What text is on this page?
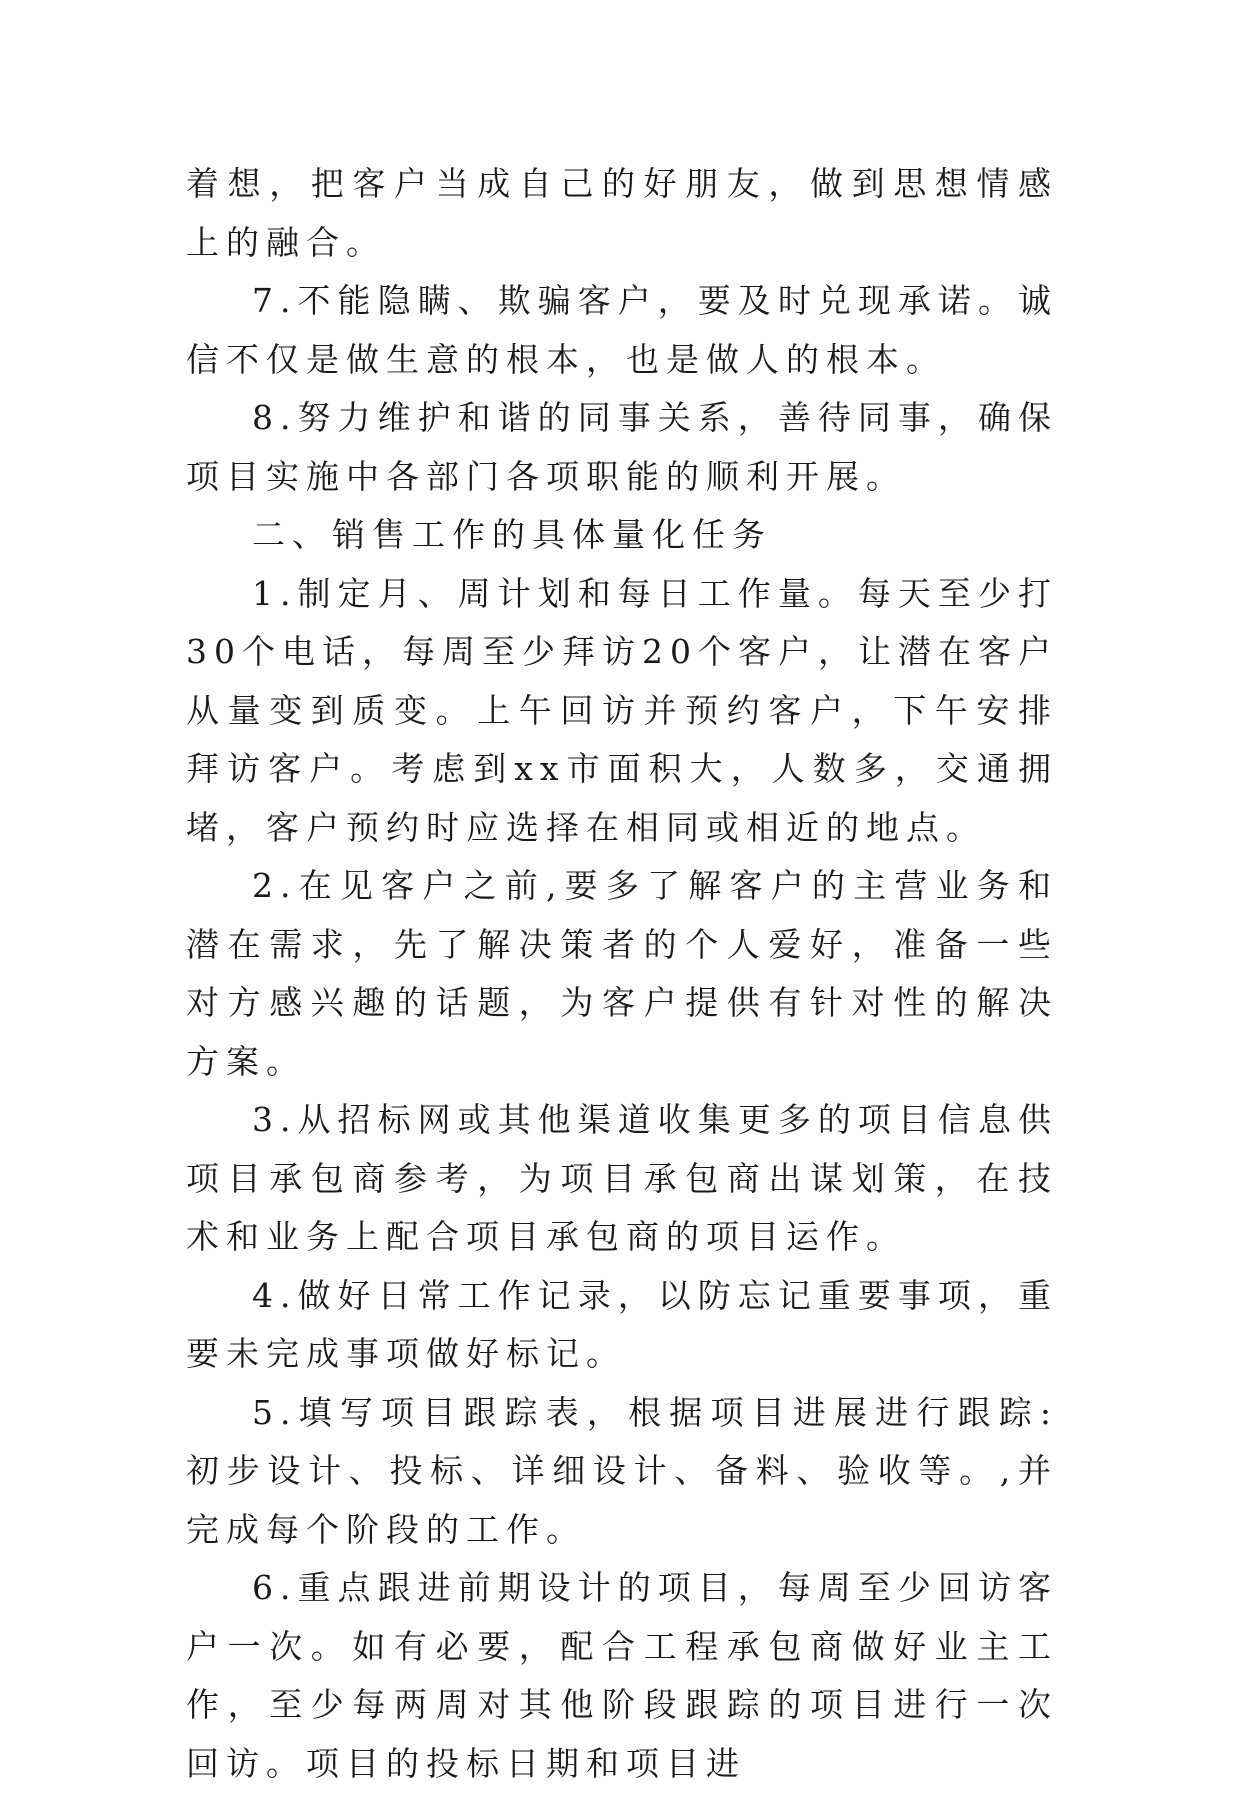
着想，把客户当成自己的好朋友，做到思想情感上的融合。

7.不能隐瞒、欺骗客户，要及时兑现承诺。诚信不仅是做生意的根本，也是做人的根本。

8.努力维护和谐的同事关系，善待同事，确保项目实施中各部门各项职能的顺利开展。

二、销售工作的具体量化任务

1.制定月、周计划和每日工作量。每天至少打30个电话，每周至少拜访20个客户，让潜在客户从量变到质变。上午回访并预约客户，下午安排拜访客户。考虑到xx市面积大，人数多，交通拥堵，客户预约时应选择在相同或相近的地点。

2.在见客户之前,要多了解客户的主营业务和潜在需求，先了解决策者的个人爱好，准备一些对方感兴趣的话题，为客户提供有针对性的解决方案。

3.从招标网或其他渠道收集更多的项目信息供项目承包商参考，为项目承包商出谋划策，在技术和业务上配合项目承包商的项目运作。

4.做好日常工作记录，以防忘记重要事项，重要未完成事项做好标记。

5.填写项目跟踪表，根据项目进展进行跟踪:初步设计、投标、详细设计、备料、验收等。,并完成每个阶段的工作。

6.重点跟进前期设计的项目，每周至少回访客户一次。如有必要，配合工程承包商做好业主工作，至少每两周对其他阶段跟踪的项目进行一次回访。项目的投标日期和项目进
